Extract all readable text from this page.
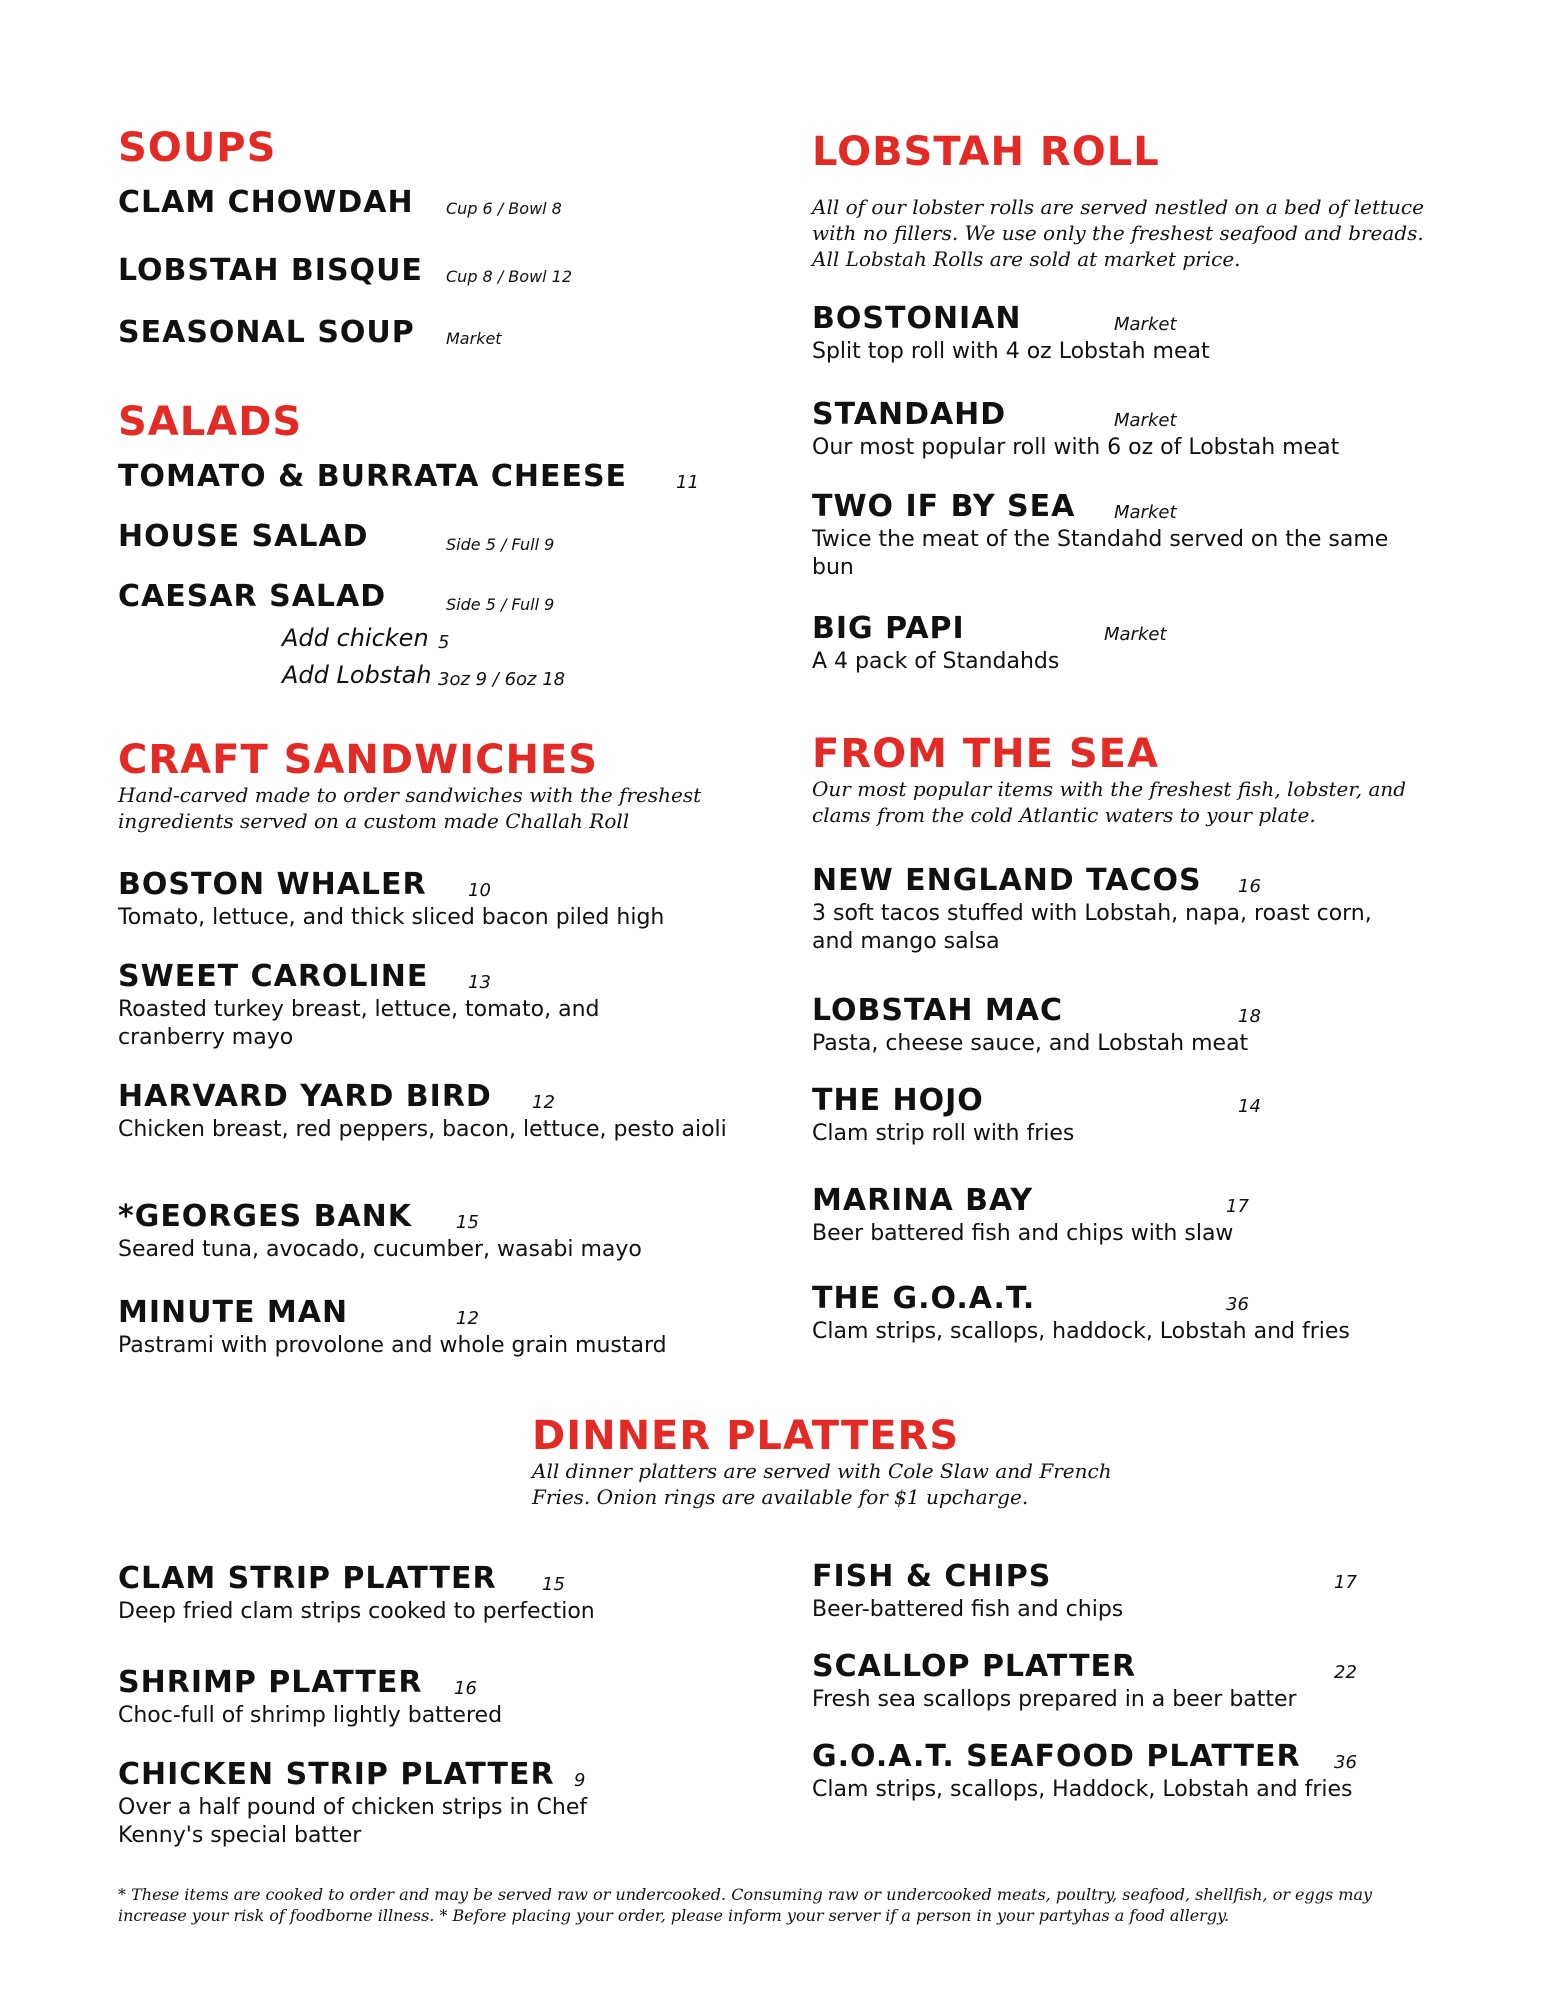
SOUPS
CLAM CHOWDAH Cup 6 / Bowl 8
LOBSTAH BISQUE Cup 8 / Bowl 12
SEASONAL SOUP Market
SALADS
TOMATO & BURRATA CHEESE	11
HOUSE SALAD	Side 5 / Full 9
CAESAR SALAD	Side 5 / Full 9
Add chicken 5
Add Lobstah 3oz 9 / 6oz 18
CRAFT SANDWICHES
Hand-carved made to order sandwiches with the freshest ingredients served on a custom made Challah Roll
BOSTON WHALER 10
Tomato, lettuce, and thick sliced bacon piled high
SWEET CAROLINE 13
Roasted turkey breast, lettuce, tomato, and cranberry mayo
HARVARD YARD BIRD 12
Chicken breast, red peppers, bacon, lettuce, pesto aioli
*GEORGES BANK 15
Seared tuna, avocado, cucumber, wasabi mayo
MINUTE MAN	12
Pastrami with provolone and whole grain mustard
LOBSTAH ROLL
All of our lobster rolls are served nestled on a bed of lettuce with no fillers. We use only the freshest seafood and breads. All Lobstah Rolls are sold at market price.
BOSTONIAN	Market
Split top roll with 4 oz Lobstah meat
STANDAHD	Market
Our most popular roll with 6 oz of Lobstah meat
TWO IF BY SEA Market
Twice the meat of the Standahd served on the same bun
BIG PAPI	Market
A 4 pack of Standahds
FROM THE SEA
Our most popular items with the freshest fish, lobster, and clams from the cold Atlantic waters to your plate.
NEW ENGLAND TACOS 16
3 soft tacos stuffed with Lobstah, napa, roast corn, and mango salsa
LOBSTAH MAC	18
Pasta, cheese sauce, and Lobstah meat
THE HOJO	14
Clam strip roll with fries
MARINA BAY	17
Beer battered fish and chips with slaw
THE G.O.A.T.	36
Clam strips, scallops, haddock, Lobstah and fries
DINNER PLATTERS
All dinner platters are served with Cole Slaw and French Fries. Onion rings are available for $1 upcharge.
CLAM STRIP PLATTER	15
Deep fried clam strips cooked to perfection
SHRIMP PLATTER 16
Choc-full of shrimp lightly battered
CHICKEN STRIP PLATTER 9
Over a half pound of chicken strips in Chef Kenny's special batter
FISH & CHIPS	17
Beer-battered fish and chips
SCALLOP PLATTER	22
Fresh sea scallops prepared in a beer batter
G.O.A.T. SEAFOOD PLATTER 36
Clam strips, scallops, Haddock, Lobstah and fries
* These items are cooked to order and may be served raw or undercooked. Consuming raw or undercooked meats, poultry, seafood, shellfish, or eggs may increase your risk of foodborne illness. * Before placing your order, please inform your server if a person in your partyhas a food allergy.
